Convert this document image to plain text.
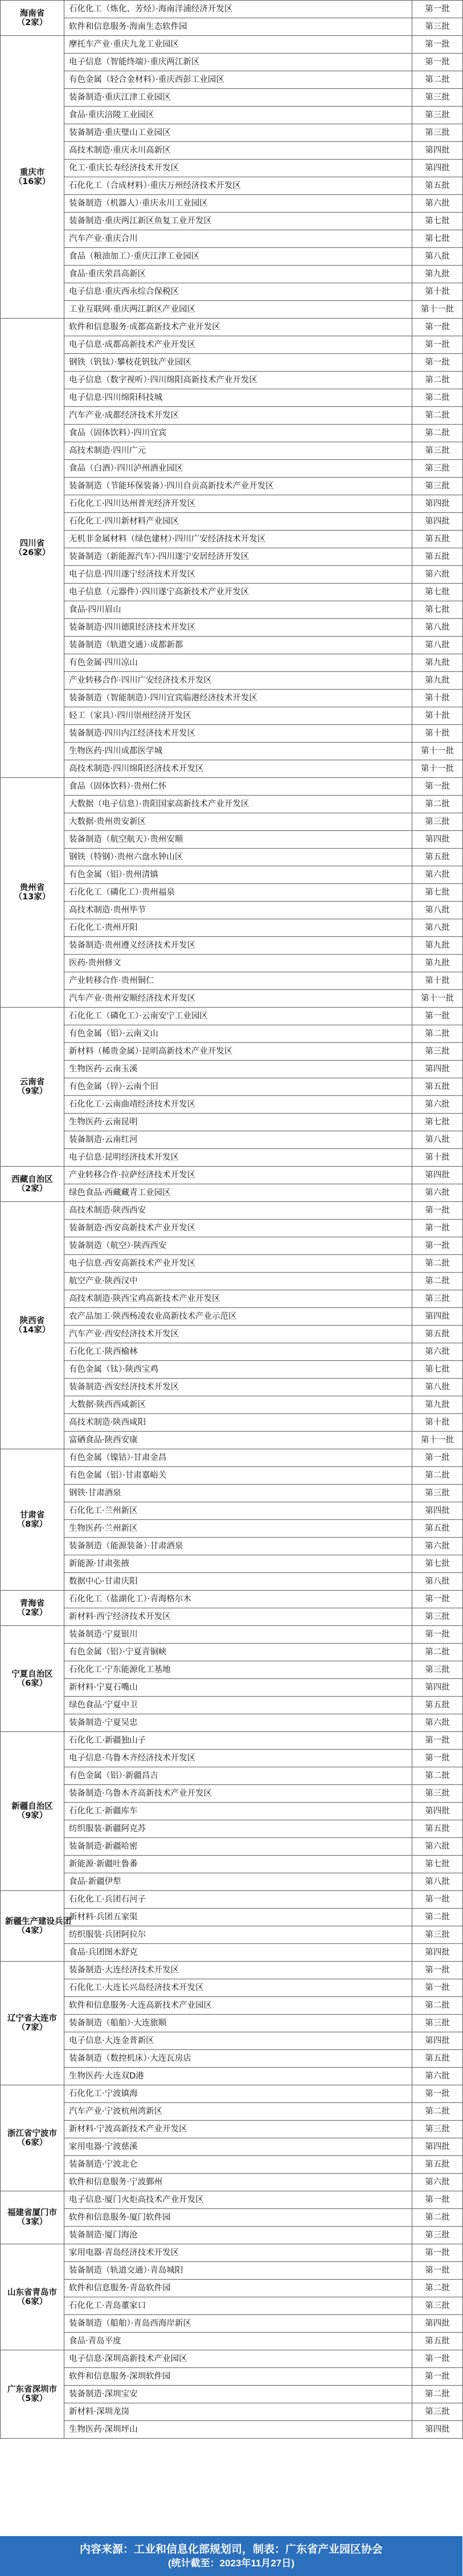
海南省
（2家）	石化化工（炼化、芳烃）·海南洋浦经济开发区	第一批
	软件和信息服务·海南生态软件园	第三批

重庆市
（16家）	摩托车产业·重庆九龙工业园区	第一批
	电子信息（智能终端）·重庆两江新区	第一批
	有色金属（轻合金材料）·重庆西彭工业园区	第二批
	装备制造·重庆江津工业园区	第三批
	食品·重庆涪陵工业园区	第三批
	装备制造·重庆璧山工业园区	第三批
	高技术制造·重庆永川高新区	第四批
	化工·重庆长寿经济技术开发区	第四批
	石化化工（合成材料）·重庆万州经济技术开发区	第五批
	装备制造（机器人）·重庆永川工业园区	第六批
	装备制造·重庆两江新区鱼复工业开发区	第七批
	汽车产业·重庆合川	第七批
	食品（粮油加工）·重庆江津工业园区	第八批
	食品·重庆荣昌高新区	第九批
	电子信息·重庆西永综合保税区	第十批
	工业互联网·重庆两江新区产业园区	第十一批

四川省
（26家）	软件和信息服务·成都高新技术产业开发区	第一批
	电子信息·成都高新技术产业开发区	第一批
	钢铁（钒钛）·攀枝花钒钛产业园区	第一批
	电子信息（数字视听）·四川绵阳高新技术产业开发区	第二批
	电子信息·四川绵阳科技城	第二批
	汽车产业·成都经济技术开发区	第二批
	食品（固体饮料）·四川宜宾	第二批
	高技术制造·四川广元	第三批
	食品（白酒）·四川泸州酒业园区	第三批
	装备制造（节能环保装备）·四川自贡高新技术产业开发区	第三批
	石化化工·四川达州普光经济开发区	第四批
	石化化工·四川新材料产业园区	第四批
	无机非金属材料（绿色建材）·四川广安经济技术开发区	第五批
	装备制造（新能源汽车）·四川遂宁安居经济开发区	第五批
	电子信息·四川遂宁经济技术开发区	第六批
	电子信息（元器件）·四川遂宁高新技术产业开发区	第七批
	食品·四川眉山	第七批
	装备制造·四川德阳经济技术开发区	第八批
	装备制造（轨道交通）·成都新都	第八批
	有色金属·四川凉山	第九批
	产业转移合作·四川广安经济技术开发区	第九批
	装备制造（智能制造）·四川宜宾临港经济技术开发区	第十批
	轻工（家具）·四川崇州经济开发区	第十批
	装备制造·四川内江经济技术开发区	第十批
	生物医药·四川成都医学城	第十一批
	高技术制造·四川绵阳经济技术开发区	第十一批

贵州省
（13家）	食品（固体饮料）·贵州仁怀	第一批
	大数据（电子信息）·贵阳国家高新技术产业开发区	第二批
	大数据·贵州贵安新区	第三批
	装备制造（航空航天）·贵州安顺	第四批
	钢铁（特钢）·贵州六盘水钟山区	第五批
	有色金属（铝）·贵州清镇	第六批
	石化化工（磷化工）·贵州福泉	第七批
	高技术制造·贵州毕节	第八批
	石化化工·贵州开阳	第八批
	装备制造·贵州遵义经济技术开发区	第九批
	医药·贵州修文	第九批
	产业转移合作·贵州铜仁	第十批
	汽车产业·贵州安顺经济技术开发区	第十一批

云南省
（9家）	石化化工（磷化工）·云南安宁工业园区	第一批
	有色金属（铝）·云南文山	第二批
	新材料（稀贵金属）·昆明高新技术产业开发区	第三批
	生物医药·云南玉溪	第四批
	有色金属（锌）·云南个旧	第五批
	石化化工·云南曲靖经济技术开发区	第六批
	生物医药·云南昆明	第七批
	装备制造·云南红河	第八批
	电子信息·昆明经济技术开发区	第十批

西藏自治区
（2家）	产业转移合作·拉萨经济技术开发区	第四批
	绿色食品·西藏藏青工业园区	第六批

陕西省
（14家）	高技术制造·陕西西安	第一批
	装备制造·西安高新技术产业开发区	第一批
	装备制造（航空）·陕西西安	第一批
	电子信息·西安高新技术产业开发区	第二批
	航空产业·陕西汉中	第二批
	高技术制造·陕西宝鸡高新技术产业开发区	第三批
	农产品加工·陕西杨凌农业高新技术产业示范区	第四批
	汽车产业·西安经济技术开发区	第五批
	石化化工·陕西榆林	第六批
	有色金属（钛）·陕西宝鸡	第七批
	装备制造·西安经济技术开发区	第八批
	大数据·陕西西咸新区	第九批
	高技术制造·陕西咸阳	第十批
	富硒食品·陕西安康	第十一批

甘肃省
（8家）	有色金属（镍钴）·甘肃金昌	第一批
	有色金属（铝）·甘肃嘉峪关	第二批
	钢铁·甘肃酒泉	第三批
	石化化工·兰州新区	第四批
	生物医药·兰州新区	第五批
	装备制造（能源装备）·甘肃酒泉	第六批
	新能源·甘肃张掖	第七批
	数据中心·甘肃庆阳	第八批

青海省
（2家）	石化化工（盐湖化工）·青海格尔木	第一批
	新材料·西宁经济技术开发区	第三批

宁夏自治区
（6家）	装备制造·宁夏银川	第一批
	有色金属（铝）·宁夏青铜峡	第二批
	石化化工·宁东能源化工基地	第三批
	新材料·宁夏石嘴山	第四批
	绿色食品·宁夏中卫	第五批
	装备制造·宁夏吴忠	第六批

新疆自治区
（9家）	石化化工·新疆独山子	第一批
	电子信息·乌鲁木齐经济技术开发区	第一批
	有色金属（铝）·新疆昌吉	第二批
	装备制造·乌鲁木齐高新技术产业开发区	第三批
	石化化工·新疆库车	第四批
	纺织服装·新疆阿克苏	第五批
	装备制造·新疆哈密	第六批
	新能源·新疆吐鲁番	第七批
	食品·新疆伊犁	第八批

新疆生产建设兵团
（4家）	石化化工·兵团石河子	第一批
	新材料·兵团五家渠	第二批
	纺织服装·兵团阿拉尔	第三批
	食品·兵团图木舒克	第四批

辽宁省大连市
（7家）	装备制造·大连经济技术开发区	第一批
	石化化工·大连长兴岛经济技术开发区	第一批
	软件和信息服务·大连高新技术产业园区	第二批
	装备制造（船舶）·大连旅顺	第三批
	电子信息·大连金普新区	第四批
	装备制造（数控机床）·大连瓦房店	第五批
	生物医药·大连双D港	第六批

浙江省宁波市
（6家）	石化化工·宁波镇海	第一批
	汽车产业·宁波杭州湾新区	第二批
	新材料·宁波高新技术产业开发区	第三批
	家用电器·宁波慈溪	第四批
	装备制造·宁波北仑	第五批
	软件和信息服务·宁波鄞州	第六批

福建省厦门市
（3家）	电子信息·厦门火炬高技术产业开发区	第一批
	软件和信息服务·厦门软件园	第二批
	装备制造·厦门海沧	第三批

山东省青岛市
（6家）	家用电器·青岛经济技术开发区	第一批
	装备制造（轨道交通）·青岛城阳	第一批
	软件和信息服务·青岛软件园	第二批
	石化化工·青岛董家口	第三批
	装备制造（船舶）·青岛西海岸新区	第四批
	食品·青岛平度	第五批

广东省深圳市
（5家）	电子信息·深圳高新技术产业园区	第一批
	软件和信息服务·深圳软件园	第一批
	装备制造·深圳宝安	第二批
	新材料·深圳龙岗	第三批
	生物医药·深圳坪山	第四批
内容来源：工业和信息化部规划司，制表：广东省产业园区协会
(统计截至：2023年11月27日)
